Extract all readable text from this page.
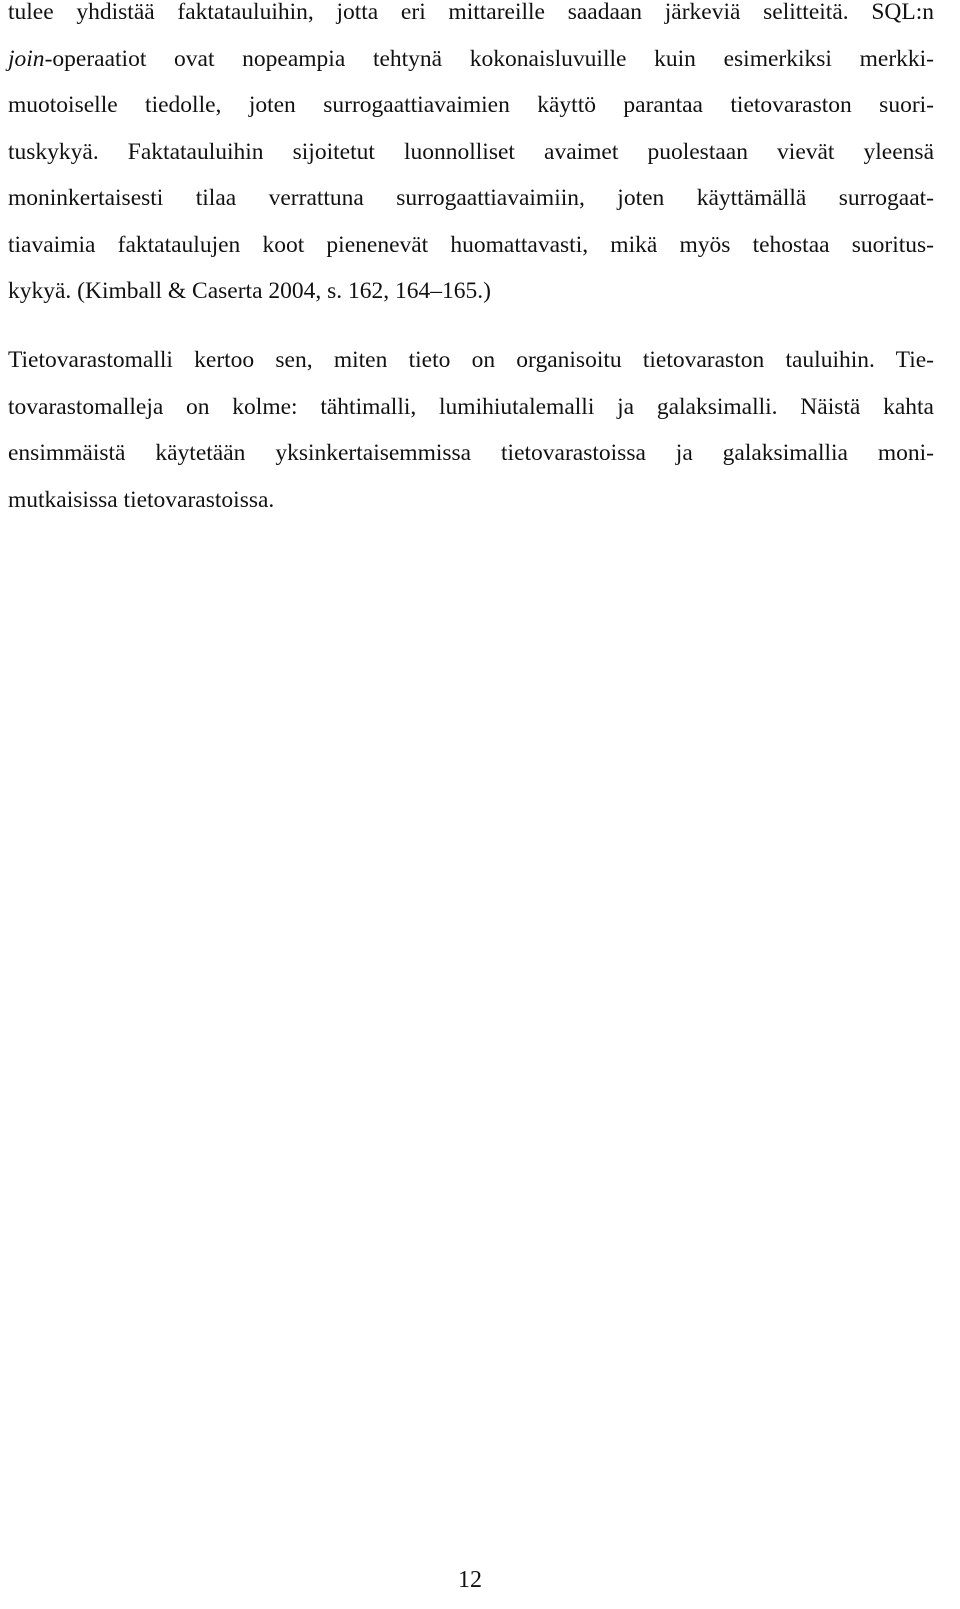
tulee yhdistää faktatauluihin, jotta eri mittareille saadaan järkeviä selitteitä. SQL:n
join-operaatiot ovat nopeampia tehtynä kokonaisluvuille kuin esimerkiksi merkki-
muotoiselle tiedolle, joten surrogaattiavaimien käyttö parantaa tietovaraston suori-
tuskykyä. Faktatauluihin sijoitetut luonnolliset avaimet puolestaan vievät yleensä
moninkertaisesti tilaa verrattuna surrogaattiavaimiin, joten käyttämällä surrogaat-
tiavaimia faktataulujen koot pienenevät huomattavasti, mikä myös tehostaa suoritus-
kykyä. (Kimball & Caserta 2004, s. 162, 164–165.)
Tietovarastomalli kertoo sen, miten tieto on organisoitu tietovaraston tauluihin. Tie-
tovarastomalleja on kolme: tähtimalli, lumihiutalemalli ja galaksimalli. Näistä kahta
ensimmäistä käytetään yksinkertaisemmissa tietovarastoissa ja galaksimallia moni-
mutkaisissa tietovarastoissa.
12
